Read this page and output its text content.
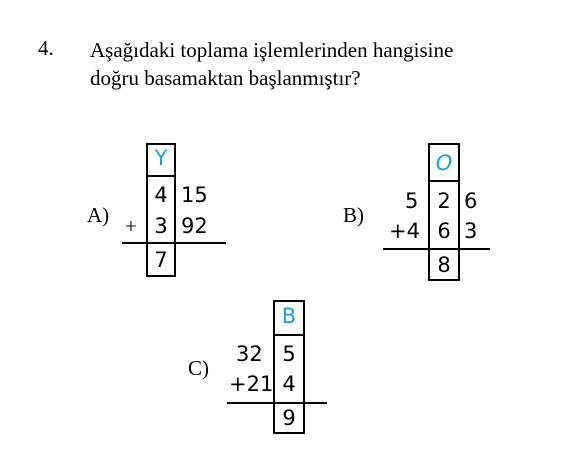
4. Aşağıdaki toplama işlemlerinden hangisine
doğru basamaktan başlanmıştır?
A)
Y
4 15
+ 3 92
7
B)
O
5 2 6
+4 6 3
8
C)
B
32 5
+21 4
9
